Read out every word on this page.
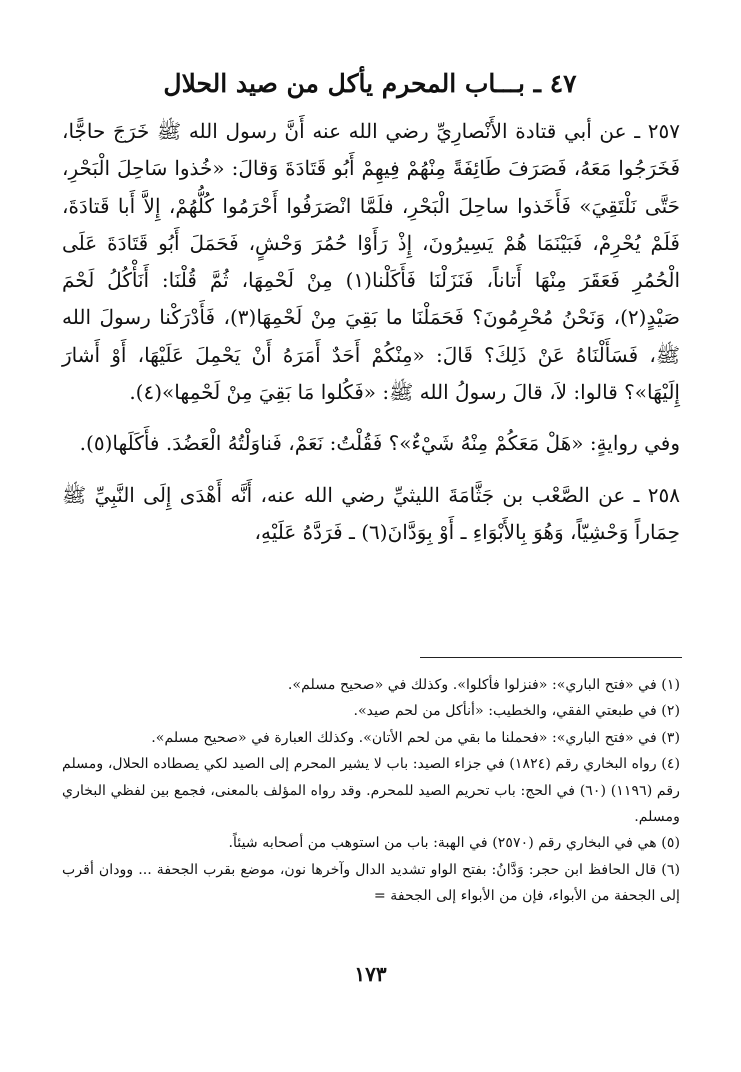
٤٧ ـ بـــاب المحرم يأكل من صيد الحلال

٢٥٧ ـ عن أبي قتادة الأَنْصارِيِّ رضي الله عنه أَنَّ رسول الله ﷺ خَرَجَ حاجًّا، فَخَرَجُوا مَعَهُ، فَصَرَفَ طَائِفَةً مِنْهُمْ فِيهِمْ أَبُو قَتَادَةَ وَقالَ: «خُذوا سَاحِلَ الْبَحْرِ، حَتَّى نَلْتَقِيَ» فَأَخَذوا ساحِلَ الْبَحْرِ، فلَمَّا انْصَرَفُوا أَحْرَمُوا كُلُّهُمْ، إِلاَّ أَبا قَتادَةَ، فَلَمْ يُحْرِمْ، فَبَيْنَمَا هُمْ يَسِيرُونَ، إِذْ رَأَوْا حُمُرَ وَحْشٍ، فَحَمَلَ أَبُو قَتَادَةَ عَلَى الْحُمُرِ فَعَقَرَ مِنْهَا أَتاناً، فَنَزَلْنَا فَأَكَلْنا(١) مِنْ لَحْمِهَا، ثُمَّ قُلْنَا: أَنَأْكُلُ لَحْمَ صَيْدٍ(٢)، وَنَحْنُ مُحْرِمُونَ؟ فَحَمَلْنَا ما بَقِيَ مِنْ لَحْمِهَا(٣)، فَأَدْرَكْنا رسولَ الله ﷺ، فَسَأَلْنَاهُ عَنْ ذَلِكَ؟ قَالَ: «مِنْكُمْ أَحَدٌ أَمَرَهُ أَنْ يَحْمِلَ عَلَيْهَا، أَوْ أَشارَ إِلَيْهَا»؟ قالوا: لاَ، قالَ رسولُ الله ﷺ: «فَكُلوا مَا بَقِيَ مِنْ لَحْمِها»(٤).

وفي روايةٍ: «هَلْ مَعَكُمْ مِنْهُ شَيْءٌ»؟ فَقُلْتُ: نَعَمْ، فَناوَلْتُهُ الْعَضُدَ. فأَكَلَها(٥).

٢٥٨ ـ عن الصَّعْب بن جَثَّامَةَ الليثيِّ رضي الله عنه، أَنَّه أَهْدَى إِلَى النَّبِيِّ ﷺ حِمَاراً وَحْشِيّاً، وَهُوَ بِالأَبْوَاءِ ـ أَوْ بِوَدَّانَ(٦) ـ فَرَدَّهُ عَلَيْهِ،

(١) في «فتح الباري»: «فنزلوا فأكلوا». وكذلك في «صحيح مسلم».

(٢) في طبعتي الفقي، والخطيب: «أنأكل من لحم صيد».

(٣) في «فتح الباري»: «فحملنا ما بقي من لحم الأتان». وكذلك العبارة في «صحيح مسلم».

(٤) رواه البخاري رقم (١٨٢٤) في جزاء الصيد: باب لا يشير المحرم إلى الصيد لكي يصطاده الحلال، ومسلم رقم (١١٩٦) (٦٠) في الحج: باب تحريم الصيد للمحرم. وقد رواه المؤلف بالمعنى، فجمع بين لفظي البخاري ومسلم.

(٥) هي في البخاري رقم (٢٥٧٠) في الهبة: باب من استوهب من أصحابه شيئاً.

(٦) قال الحافظ ابن حجر: وَدَّانُ: بفتح الواو تشديد الدال وآخرها نون، موضع بقرب الجحفة ... وودان أقرب إلى الجحفة من الأبواء، فإن من الأبواء إلى الجحفة =

١٧٣
